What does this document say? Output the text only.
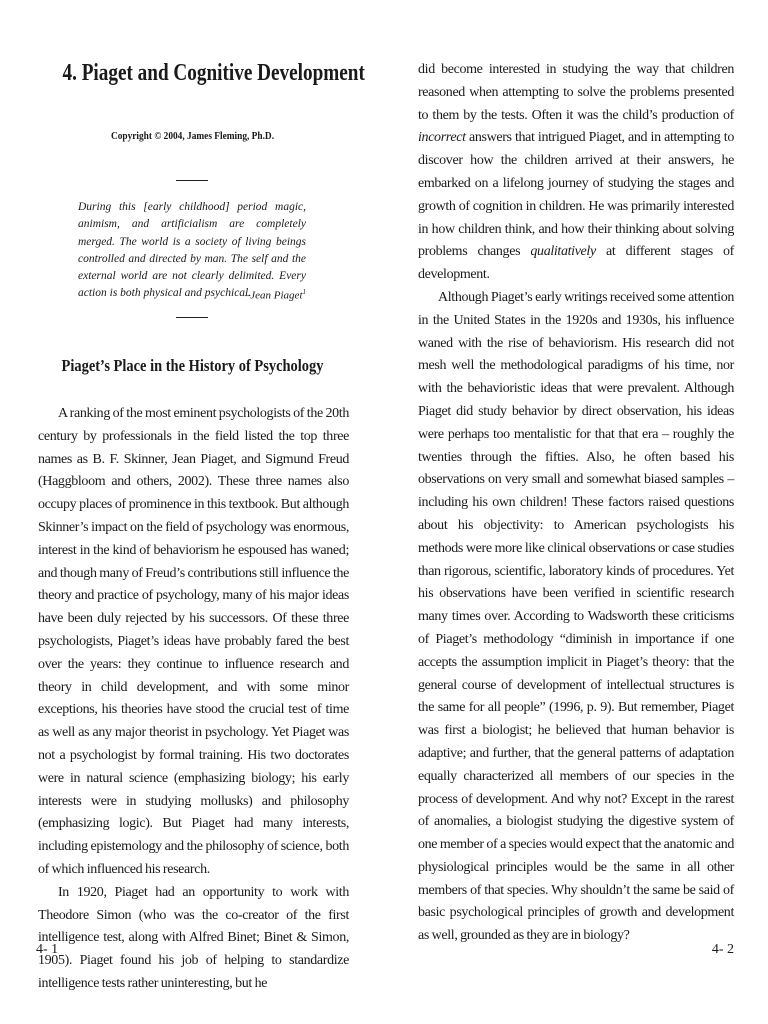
4. Piaget and Cognitive Development
Copyright © 2004, James Fleming, Ph.D.
During this [early childhood] period magic, animism, and artificialism are completely merged. The world is a society of living beings controlled and directed by man. The self and the external world are not clearly delimited. Every action is both physical and psychical.
–Jean Piaget$^1$
Piaget’s Place in the History of Psychology

A ranking of the most eminent psychologists of the 20th century by professionals in the field listed the top three names as B. F. Skinner, Jean Piaget, and Sigmund Freud (Haggbloom and others, 2002). These three names also occupy places of prominence in this textbook. But although Skinner’s impact on the field of psychology was enormous, interest in the kind of behaviorism he espoused has waned; and though many of Freud’s contributions still influence the theory and practice of psychology, many of his major ideas have been duly rejected by his successors. Of these three psychologists, Piaget’s ideas have probably fared the best over the years: they continue to influence research and theory in child development, and with some minor exceptions, his theories have stood the crucial test of time as well as any major theorist in psychology. Yet Piaget was not a psychologist by formal training. His two doctorates were in natural science (emphasizing biology; his early interests were in studying mollusks) and philosophy (emphasizing logic). But Piaget had many interests, including epistemology and the philosophy of science, both of which influenced his research.

In 1920, Piaget had an opportunity to work with Theodore Simon (who was the co-creator of the first intelligence test, along with Alfred Binet; Binet & Simon, 1905). Piaget found his job of helping to standardize intelligence tests rather uninteresting, but he

4- 1

did become interested in studying the way that children reasoned when attempting to solve the problems presented to them by the tests. Often it was the child’s production of incorrect answers that intrigued Piaget, and in attempting to discover how the children arrived at their answers, he embarked on a lifelong journey of studying the stages and growth of cognition in children. He was primarily interested in how children think, and how their thinking about solving problems changes qualitatively at different stages of development.

Although Piaget’s early writings received some attention in the United States in the 1920s and 1930s, his influence waned with the rise of behaviorism. His research did not mesh well the methodological paradigms of his time, nor with the behavioristic ideas that were prevalent. Although Piaget did study behavior by direct observation, his ideas were perhaps too mentalistic for that that era – roughly the twenties through the fifties. Also, he often based his observations on very small and somewhat biased samples – including his own children! These factors raised questions about his objectivity: to American psychologists his methods were more like clinical observations or case studies than rigorous, scientific, laboratory kinds of procedures. Yet his observations have been verified in scientific research many times over. According to Wadsworth these criticisms of Piaget’s methodology “diminish in importance if one accepts the assumption implicit in Piaget’s theory: that the general course of development of intellectual structures is the same for all people” (1996, p. 9). But remember, Piaget was first a biologist; he believed that human behavior is adaptive; and further, that the general patterns of adaptation equally characterized all members of our species in the process of development. And why not? Except in the rarest of anomalies, a biologist studying the digestive system of one member of a species would expect that the anatomic and physiological principles would be the same in all other members of that species. Why shouldn’t the same be said of basic psychological principles of growth and development as well, grounded as they are in biology?

4- 2
